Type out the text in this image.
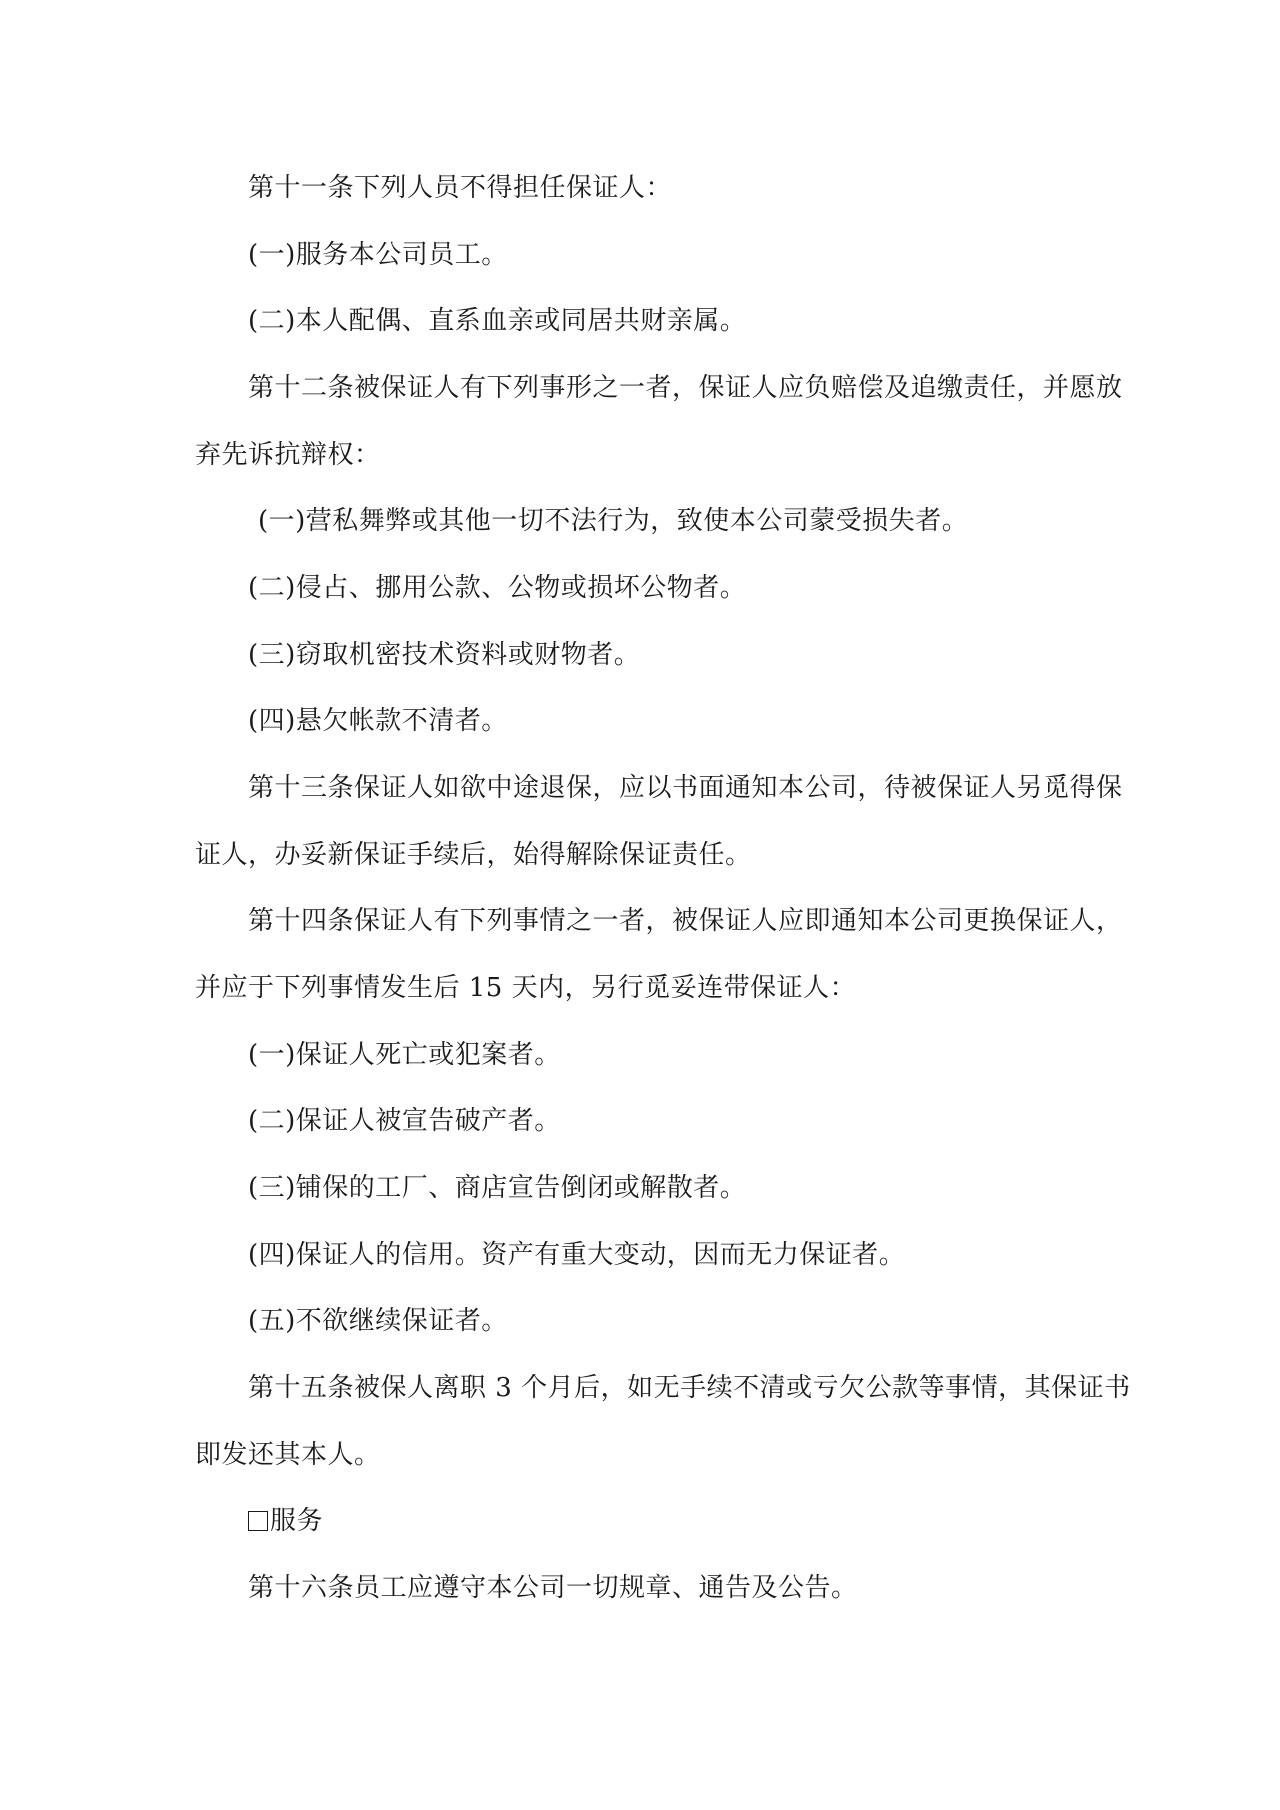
第十一条下列人员不得担任保证人：

(一)服务本公司员工。

(二)本人配偶、直系血亲或同居共财亲属。

第十二条被保证人有下列事形之一者，保证人应负赔偿及追缴责任，并愿放

弃先诉抗辩权：

(一)营私舞弊或其他一切不法行为，致使本公司蒙受损失者。

(二)侵占、挪用公款、公物或损坏公物者。

(三)窃取机密技术资料或财物者。

(四)悬欠帐款不清者。

第十三条保证人如欲中途退保，应以书面通知本公司，待被保证人另觅得保

证人，办妥新保证手续后，始得解除保证责任。

第十四条保证人有下列事情之一者，被保证人应即通知本公司更换保证人，

并应于下列事情发生后 15 天内，另行觅妥连带保证人：

(一)保证人死亡或犯案者。

(二)保证人被宣告破产者。

(三)铺保的工厂、商店宣告倒闭或解散者。

(四)保证人的信用。资产有重大变动，因而无力保证者。

(五)不欲继续保证者。

第十五条被保人离职 3 个月后，如无手续不清或亏欠公款等事情，其保证书

即发还其本人。

服务

第十六条员工应遵守本公司一切规章、通告及公告。
